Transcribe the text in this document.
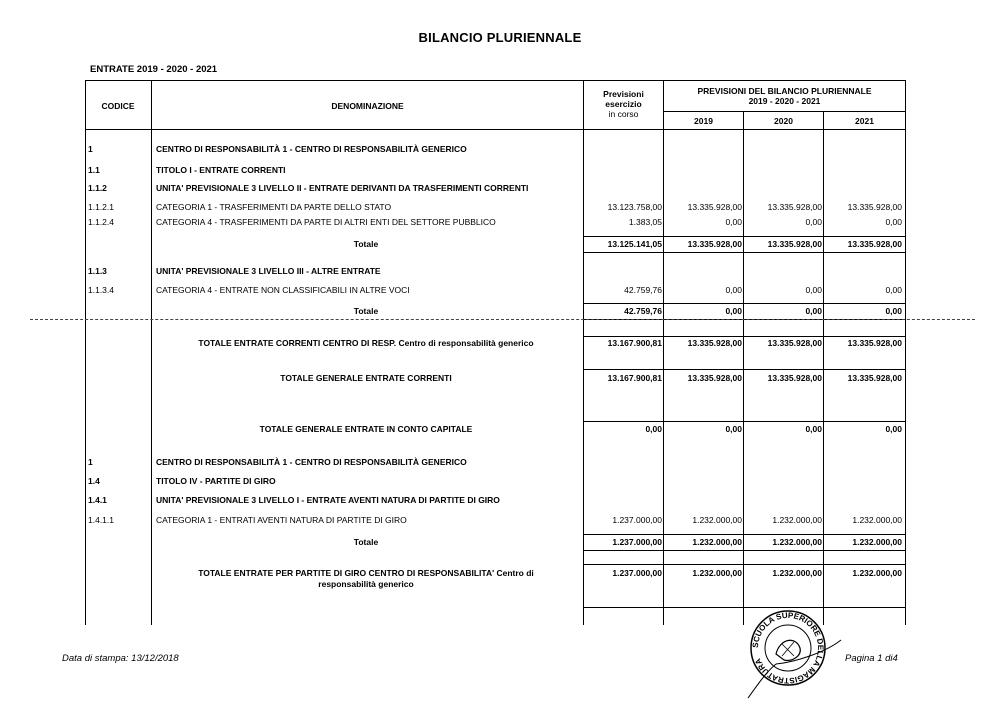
BILANCIO PLURIENNALE
ENTRATE 2019 - 2020 - 2021
CODICE	DENOMINAZIONE
Previsioni
esercizio
in corso
PREVISIONI DEL BILANCIO PLURIENNALE
2019 - 2020 - 2021
2019	2020	2021
1	CENTRO DI RESPONSABILITÀ 1 - CENTRO DI RESPONSABILITÀ GENERICO
1.1	TITOLO I - ENTRATE CORRENTI
1.1.2	UNITA' PREVISIONALE 3 LIVELLO II - ENTRATE DERIVANTI DA TRASFERIMENTI CORRENTI
1.1.2.1	CATEGORIA 1 - TRASFERIMENTI DA PARTE DELLO STATO	13.123.758,00	13.335.928,00	13.335.928,00	13.335.928,00
1.1.2.4	CATEGORIA 4 - TRASFERIMENTI DA PARTE DI ALTRI ENTI DEL SETTORE PUBBLICO	1.383,05	0,00	0,00	0,00
Totale	13.125.141,05	13.335.928,00	13.335.928,00	13.335.928,00
1.1.3	UNITA' PREVISIONALE 3 LIVELLO III - ALTRE ENTRATE
1.1.3.4	CATEGORIA 4 - ENTRATE NON CLASSIFICABILI IN ALTRE VOCI	42.759,76	0,00	0,00	0,00
Totale	42.759,76	0,00	0,00	0,00
TOTALE ENTRATE CORRENTI CENTRO DI RESP. Centro di responsabilità generico	13.167.900,81	13.335.928,00	13.335.928,00	13.335.928,00
TOTALE GENERALE ENTRATE CORRENTI	13.167.900,81	13.335.928,00	13.335.928,00	13.335.928,00
TOTALE GENERALE ENTRATE IN CONTO CAPITALE	0,00	0,00	0,00	0,00
1	CENTRO DI RESPONSABILITÀ 1 - CENTRO DI RESPONSABILITÀ GENERICO
1.4	TITOLO IV - PARTITE DI GIRO
1.4.1	UNITA' PREVISIONALE 3 LIVELLO I - ENTRATE AVENTI NATURA DI PARTITE DI GIRO
1.4.1.1	CATEGORIA 1 - ENTRATI AVENTI NATURA DI PARTITE DI GIRO	1.237.000,00	1.232.000,00	1.232.000,00	1.232.000,00
Totale	1.237.000,00	1.232.000,00	1.232.000,00	1.232.000,00
TOTALE ENTRATE PER PARTITE DI GIRO CENTRO DI RESPONSABILITA' Centro di	1.237.000,00	1.232.000,00	1.232.000,00	1.232.000,00
responsabilità generico
Data di stampa: 13/12/2018	Pagina 1 di4
SCUOLA SUPERIORE DELLA MAGISTRATURA
